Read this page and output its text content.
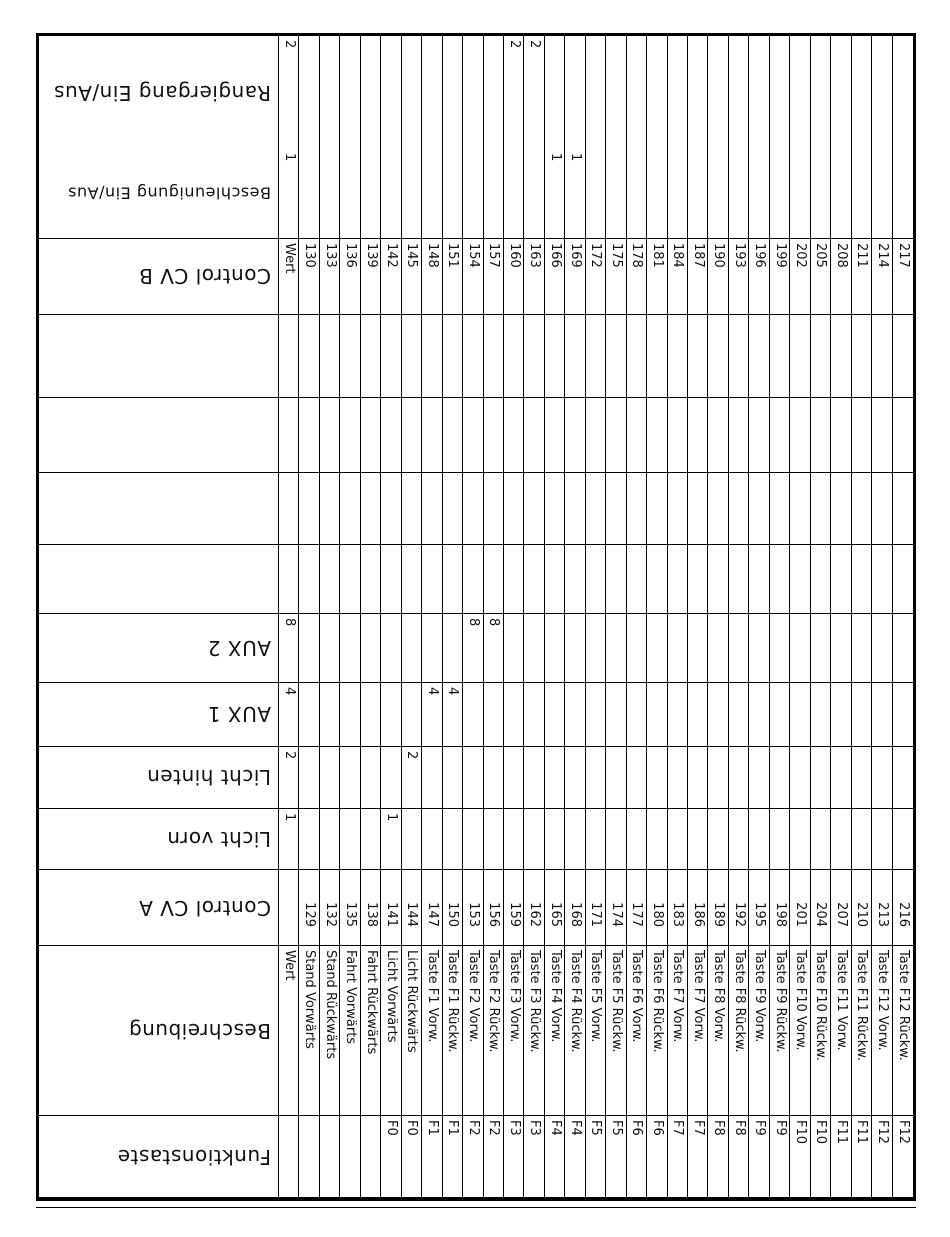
Funktionstaste
Beschreibung
Control CV A
Licht vorn
Licht hinten
AUX 1
AUX 2
Control CV B
Beschleunigung Ein/Aus
Rangiergang Ein/Aus
Wert
1
2
4
8
Wert
1
2
Stand Vorwärts
129
130
Stand Rückwärts
132
133
Fahrt Vorwärts
135
136
Fahrt Rückwärts
138
139
F0
Licht Vorwärts
141
1
142
F0
Licht Rückwärts
144
2
145
F1
Taste F1 Vorw.
147
4
148
F1
Taste F1 Rückw.
150
4
151
F2
Taste F2 Vorw.
153
8
154
F2
Taste F2 Rückw.
156
8
157
F3
Taste F3 Vorw.
159
160
2
F3
Taste F3 Rückw.
162
163
2
F4
Taste F4 Vorw.
165
166
1
F4
Taste F4 Rückw.
168
169
1
F5
Taste F5 Vorw.
171
172
F5
Taste F5 Rückw.
174
175
F6
Taste F6 Vorw.
177
178
F6
Taste F6 Rückw.
180
181
F7
Taste F7 Vorw.
183
184
F7
Taste F7 Vorw.
186
187
F8
Taste F8 Vorw.
189
190
F8
Taste F8 Rückw.
192
193
F9
Taste F9 Vorw.
195
196
F9
Taste F9 Rückw.
198
199
F10
Taste F10 Vorw.
201
202
F10
Taste F10 Rückw.
204
205
F11
Taste F11 Vorw.
207
208
F11
Taste F11 Rückw.
210
211
F12
Taste F12 Vorw.
213
214
F12
Taste F12 Rückw.
216
217
